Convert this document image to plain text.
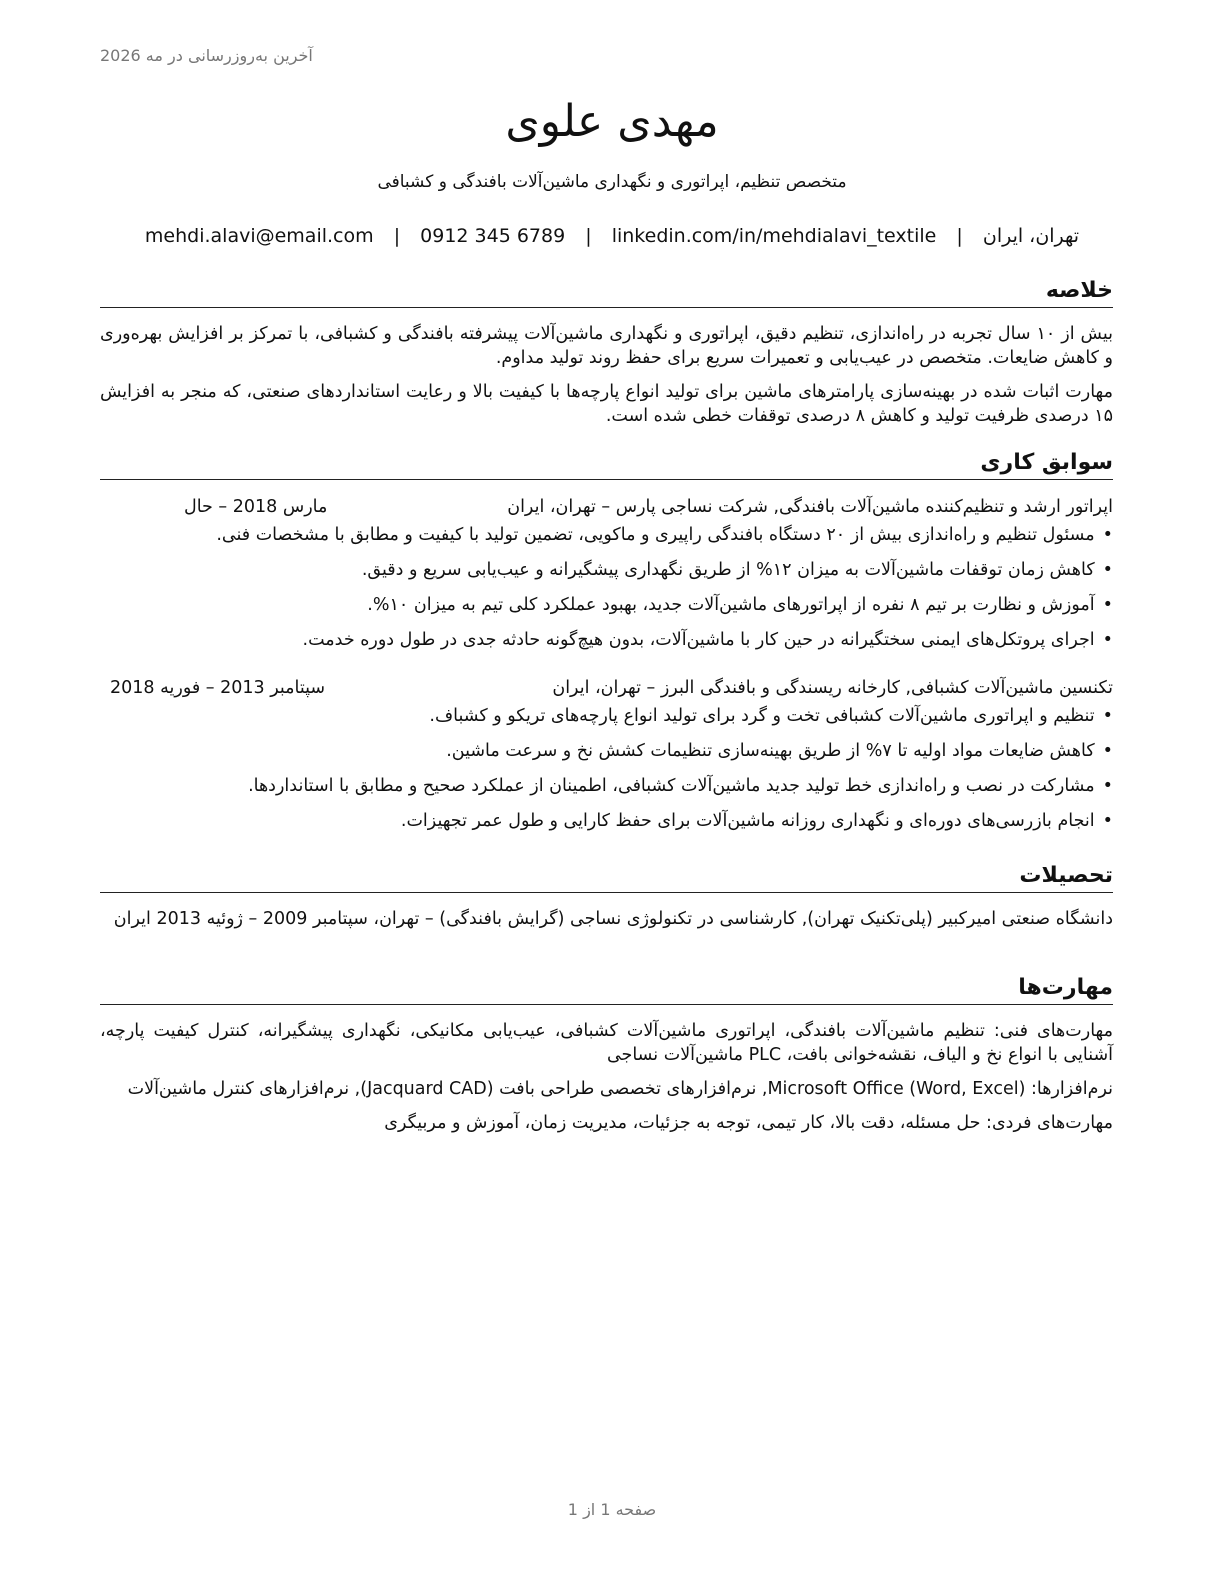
آخرین به‌روزرسانی در مه 2026
مهدی علوی
متخصص تنظیم، اپراتوری و نگهداری ماشین‌آلات بافندگی و کشبافی
تهران، ایران | mehdi.alavi@email.com | 0912 345 6789 | linkedin.com/in/mehdialavi_textile
خلاصه

بیش از ۱۰ سال تجربه در راه‌اندازی، تنظیم دقیق، اپراتوری و نگهداری ماشین‌آلات پیشرفته بافندگی و کشبافی، با تمرکز بر افزایش بهره‌وری و کاهش ضایعات. متخصص در عیب‌یابی و تعمیرات سریع برای حفظ روند تولید مداوم.

مهارت اثبات شده در بهینه‌سازی پارامترهای ماشین برای تولید انواع پارچه‌ها با کیفیت بالا و رعایت استانداردهای صنعتی، که منجر به افزایش ۱۵ درصدی ظرفیت تولید و کاهش ۸ درصدی توقفات خطی شده است.

سوابق کاری
اپراتور ارشد و تنظیم‌کننده ماشین‌آلات بافندگی, شرکت نساجی پارس – تهران، ایران
مارس 2018 – حال
•مسئول تنظیم و راه‌اندازی بیش از ۲۰ دستگاه بافندگی راپیری و ماکویی، تضمین تولید با کیفیت و مطابق با مشخصات فنی.
•کاهش زمان توقفات ماشین‌آلات به میزان ۱۲% از طریق نگهداری پیشگیرانه و عیب‌یابی سریع و دقیق.
•آموزش و نظارت بر تیم ۸ نفره از اپراتورهای ماشین‌آلات جدید، بهبود عملکرد کلی تیم به میزان ۱۰%.
•اجرای پروتکل‌های ایمنی سختگیرانه در حین کار با ماشین‌آلات، بدون هیچ‌گونه حادثه جدی در طول دوره خدمت.
تکنسین ماشین‌آلات کشبافی, کارخانه ریسندگی و بافندگی البرز – تهران، ایران
سپتامبر 2013 – فوریه 2018
•تنظیم و اپراتوری ماشین‌آلات کشبافی تخت و گرد برای تولید انواع پارچه‌های تریکو و کشباف.
•کاهش ضایعات مواد اولیه تا ۷% از طریق بهینه‌سازی تنظیمات کشش نخ و سرعت ماشین.
•مشارکت در نصب و راه‌اندازی خط تولید جدید ماشین‌آلات کشبافی، اطمینان از عملکرد صحیح و مطابق با استانداردها.
•انجام بازرسی‌های دوره‌ای و نگهداری روزانه ماشین‌آلات برای حفظ کارایی و طول عمر تجهیزات.
تحصیلات

دانشگاه صنعتی امیرکبیر (پلی‌تکنیک تهران), کارشناسی در تکنولوژی نساجی (گرایش بافندگی) – تهران، سپتامبر 2009 – ژوئیه 2013 ایران

مهارت‌ها

مهارت‌های فنی: تنظیم ماشین‌آلات بافندگی، اپراتوری ماشین‌آلات کشبافی، عیب‌یابی مکانیکی، نگهداری پیشگیرانه، کنترل کیفیت پارچه، آشنایی با انواع نخ و الیاف، نقشه‌خوانی بافت، PLC ماشین‌آلات نساجی

نرم‌افزارها: Microsoft Office (Word, Excel), نرم‌افزارهای تخصصی طراحی بافت (Jacquard CAD), نرم‌افزارهای کنترل ماشین‌آلات

مهارت‌های فردی: حل مسئله، دقت بالا، کار تیمی، توجه به جزئیات، مدیریت زمان، آموزش و مربیگری

صفحه 1 از 1
